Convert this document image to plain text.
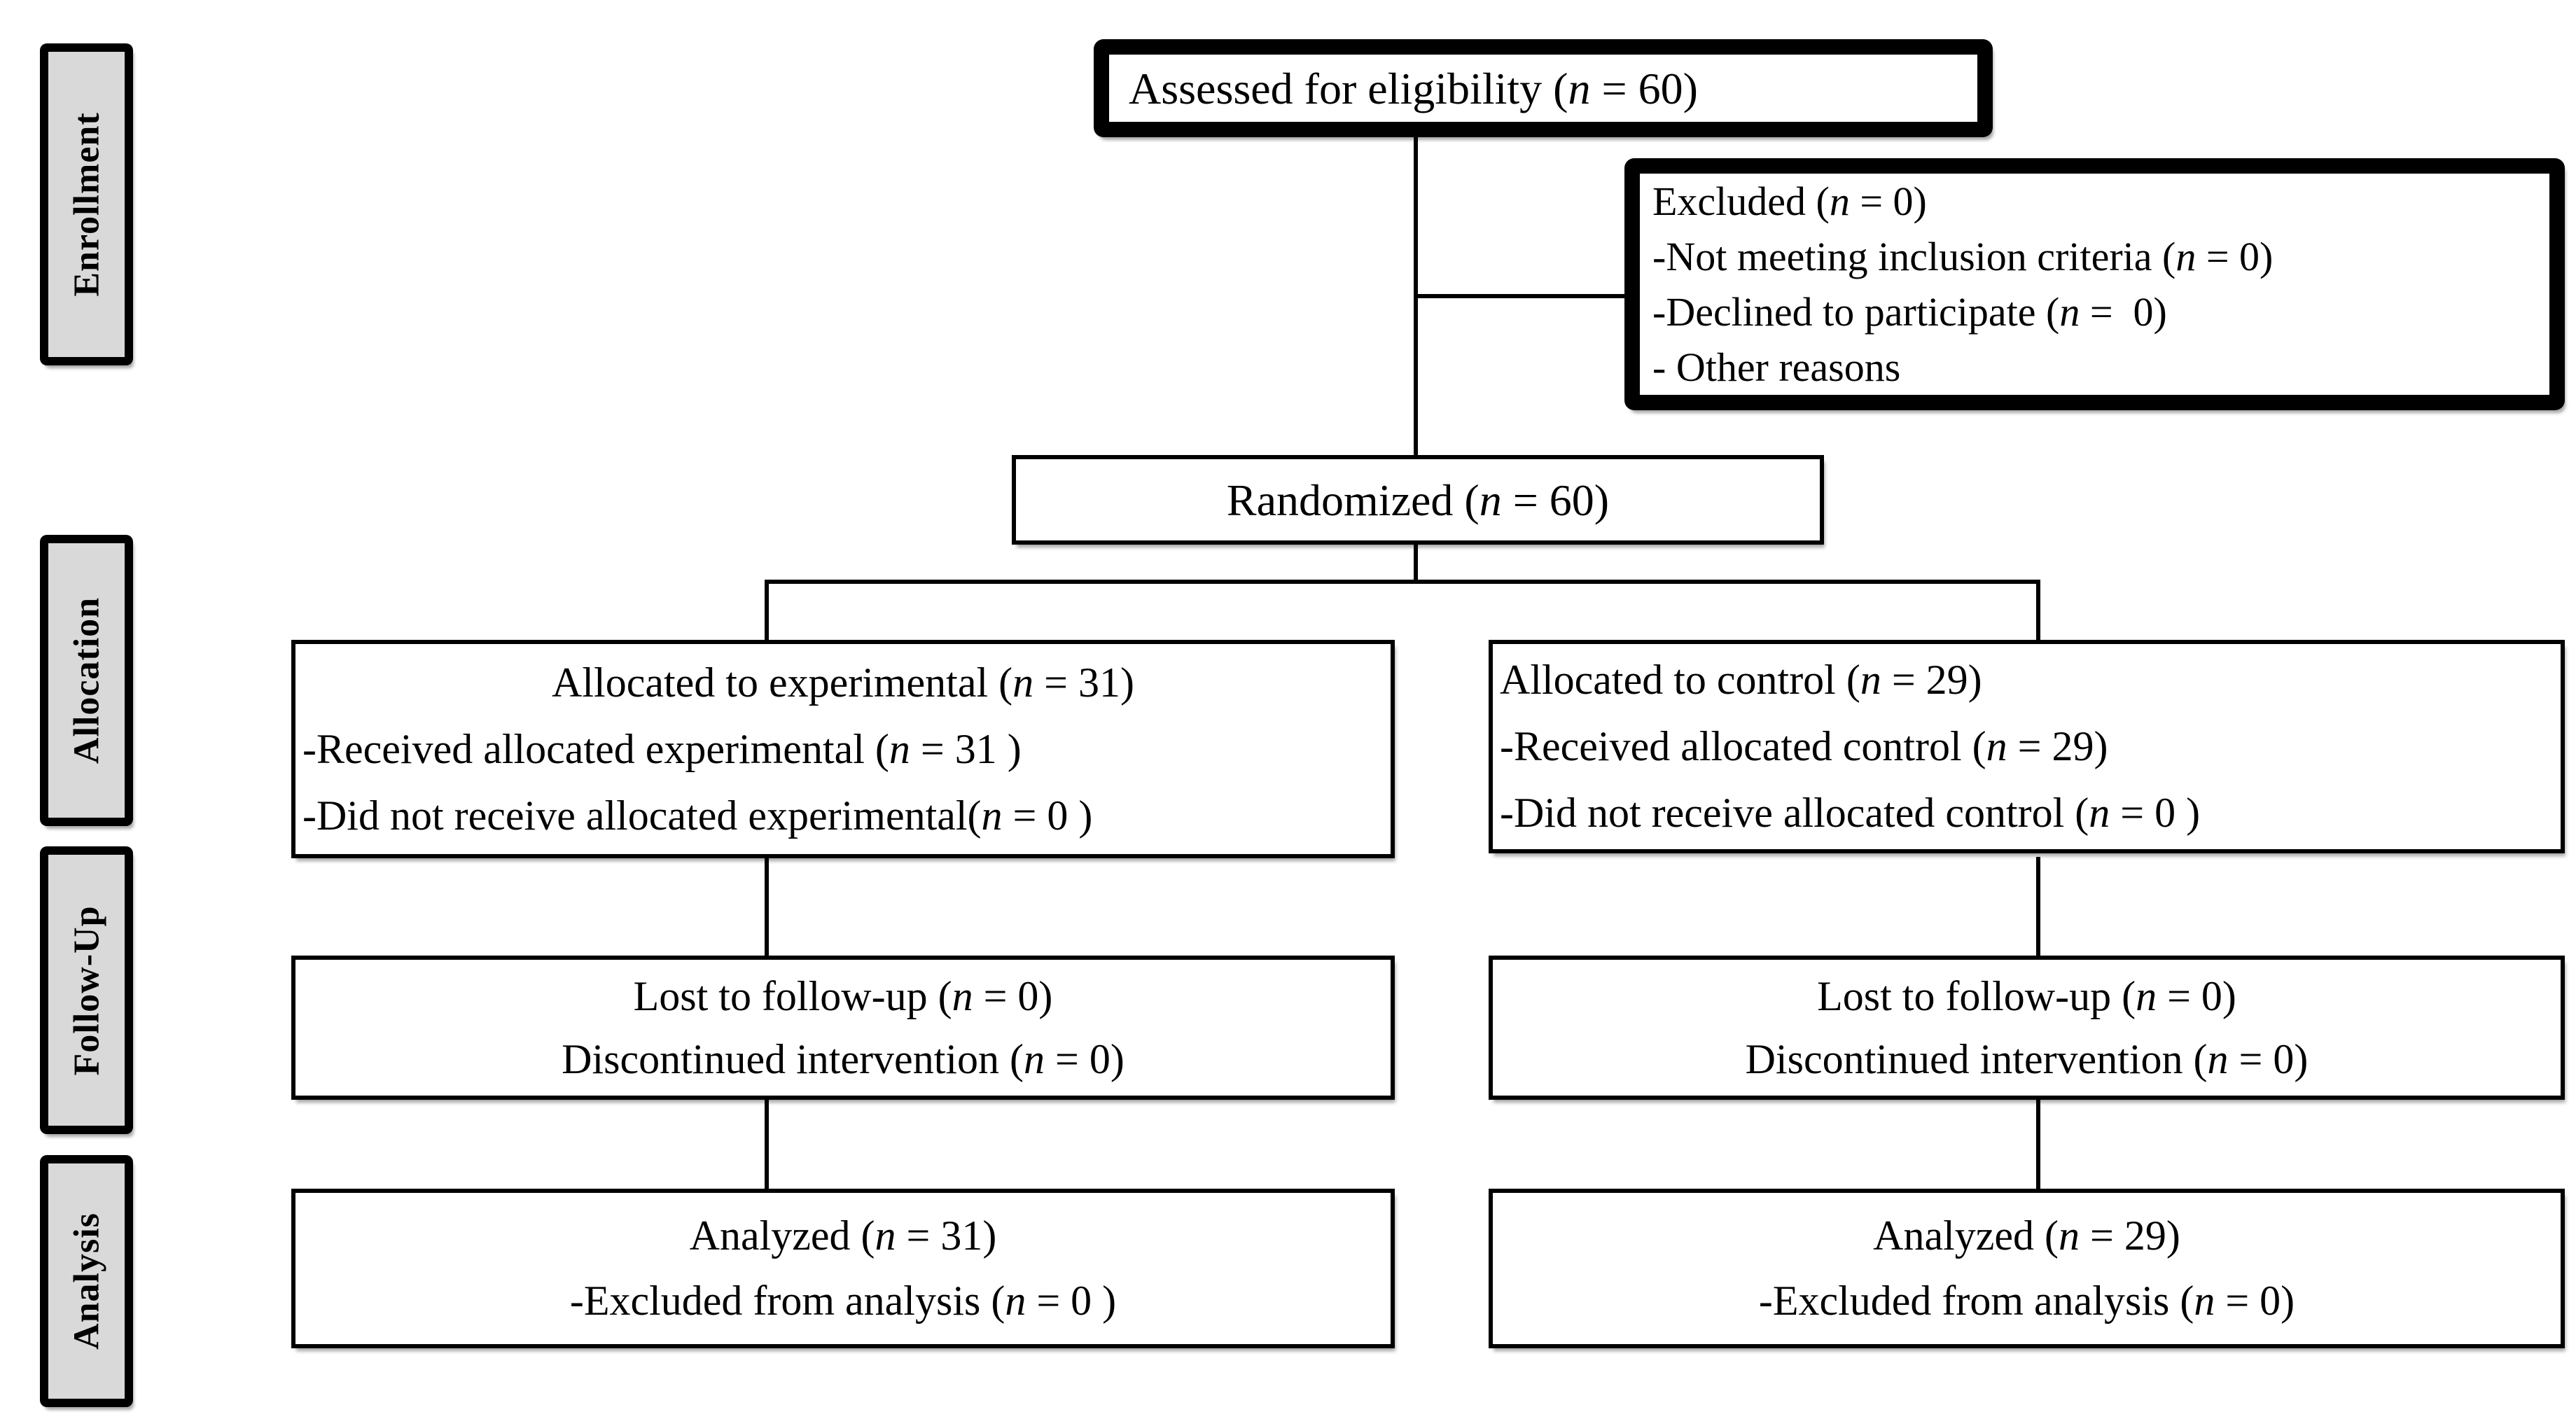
Enrollment
Allocation
Follow-Up
Analysis
Assessed for eligibility (n = 60)
Excluded (n = 0)
-Not meeting inclusion criteria (n = 0)
-Declined to participate (n =  0)
- Other reasons
Randomized (n = 60)
Allocated to experimental (n = 31)
-Received allocated experimental (n = 31 )
-Did not receive allocated experimental(n = 0 )
Allocated to control (n = 29)
-Received allocated control (n = 29)
-Did not receive allocated control (n = 0 )
Lost to follow-up (n = 0)
Discontinued intervention (n = 0)
Lost to follow-up (n = 0)
Discontinued intervention (n = 0)
Analyzed (n = 31)
-Excluded from analysis (n = 0 )
Analyzed (n = 29)
-Excluded from analysis (n = 0)
